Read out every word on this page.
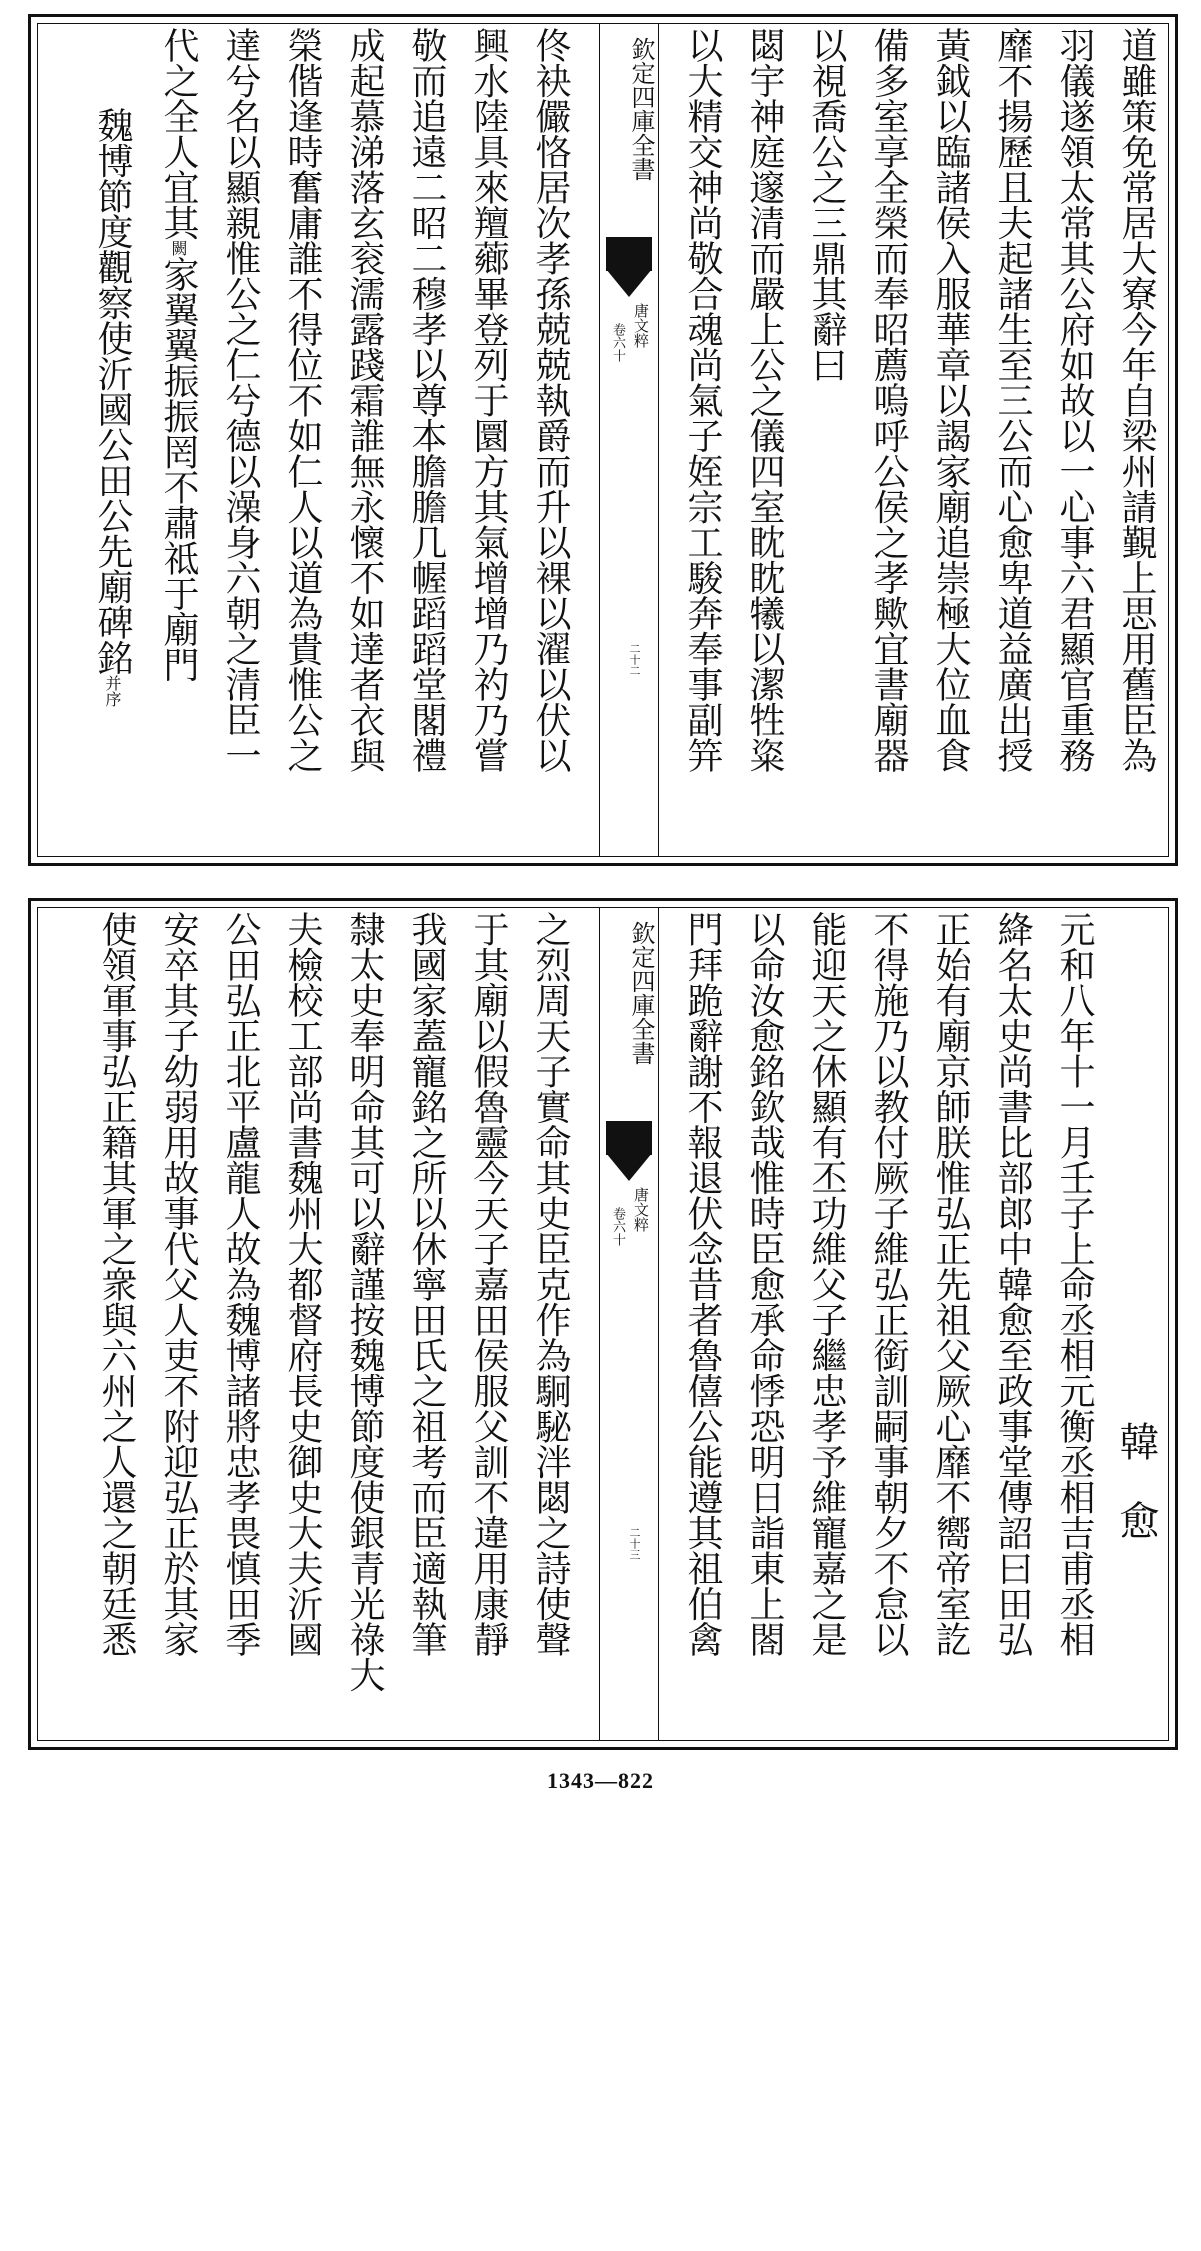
道雖策免常居大寮今年自梁州請覲上思用舊臣為
羽儀遂領太常其公府如故以一心事六君顯官重務
靡不揚歷且夫起諸生至三公而心愈卑道益廣出授
黃鉞以臨諸侯入服華章以謁家廟追崇極大位血食
備多室享全榮而奉昭薦嗚呼公侯之孝歟宜書廟器
以視喬公之三鼎其辭曰
閟宇神庭邃清而嚴上公之儀四室眈眈犧以潔牲粢
以大精交神尚敬合魂尚氣子姪宗工駿奔奉事副笄
欽定四庫全書
唐文粹
卷六十
二十二
佟袂儼恪居次孝孫兢兢執爵而升以裸以濯以伏以
興水陸具來羶薌畢登列于圜方其氣增增乃礿乃嘗
敬而追遠二昭二穆孝以尊本膽膽几幄蹈蹈堂閣禮
成起慕涕落玄衮濡露踐霜誰無永懷不如達者衣與
榮偕逢時奮庸誰不得位不如仁人以道為貴惟公之
達兮名以顯親惟公之仁兮德以澡身六朝之清臣一
代之全人宜其闕家翼翼振振罔不肅祗于廟門
魏博節度觀察使沂國公田公先廟碑銘并序
韓　愈
元和八年十一月壬子上命丞相元衡丞相吉甫丞相
絳名太史尚書比部郎中韓愈至政事堂傳詔曰田弘
正始有廟京師朕惟弘正先祖父厥心靡不嚮帝室訖
不得施乃以教付厥子維弘正銜訓嗣事朝夕不怠以
能迎天之休顯有丕功維父子繼忠孝予維寵嘉之是
以命汝愈銘欽哉惟時臣愈承命悸恐明日詣東上閤
門拜跪辭謝不報退伏念昔者魯僖公能遵其祖伯禽
欽定四庫全書
唐文粹
卷六十
二十三
之烈周天子實命其史臣克作為駉駜泮閟之詩使聲
于其廟以假魯靈今天子嘉田侯服父訓不違用康靜
我國家蓋寵銘之所以休寧田氏之祖考而臣適執筆
隸太史奉明命其可以辭謹按魏博節度使銀青光祿大
夫檢校工部尚書魏州大都督府長史御史大夫沂國
公田弘正北平盧龍人故為魏博諸將忠孝畏慎田季
安卒其子幼弱用故事代父人吏不附迎弘正於其家
使領軍事弘正籍其軍之衆與六州之人還之朝廷悉
1343—822
